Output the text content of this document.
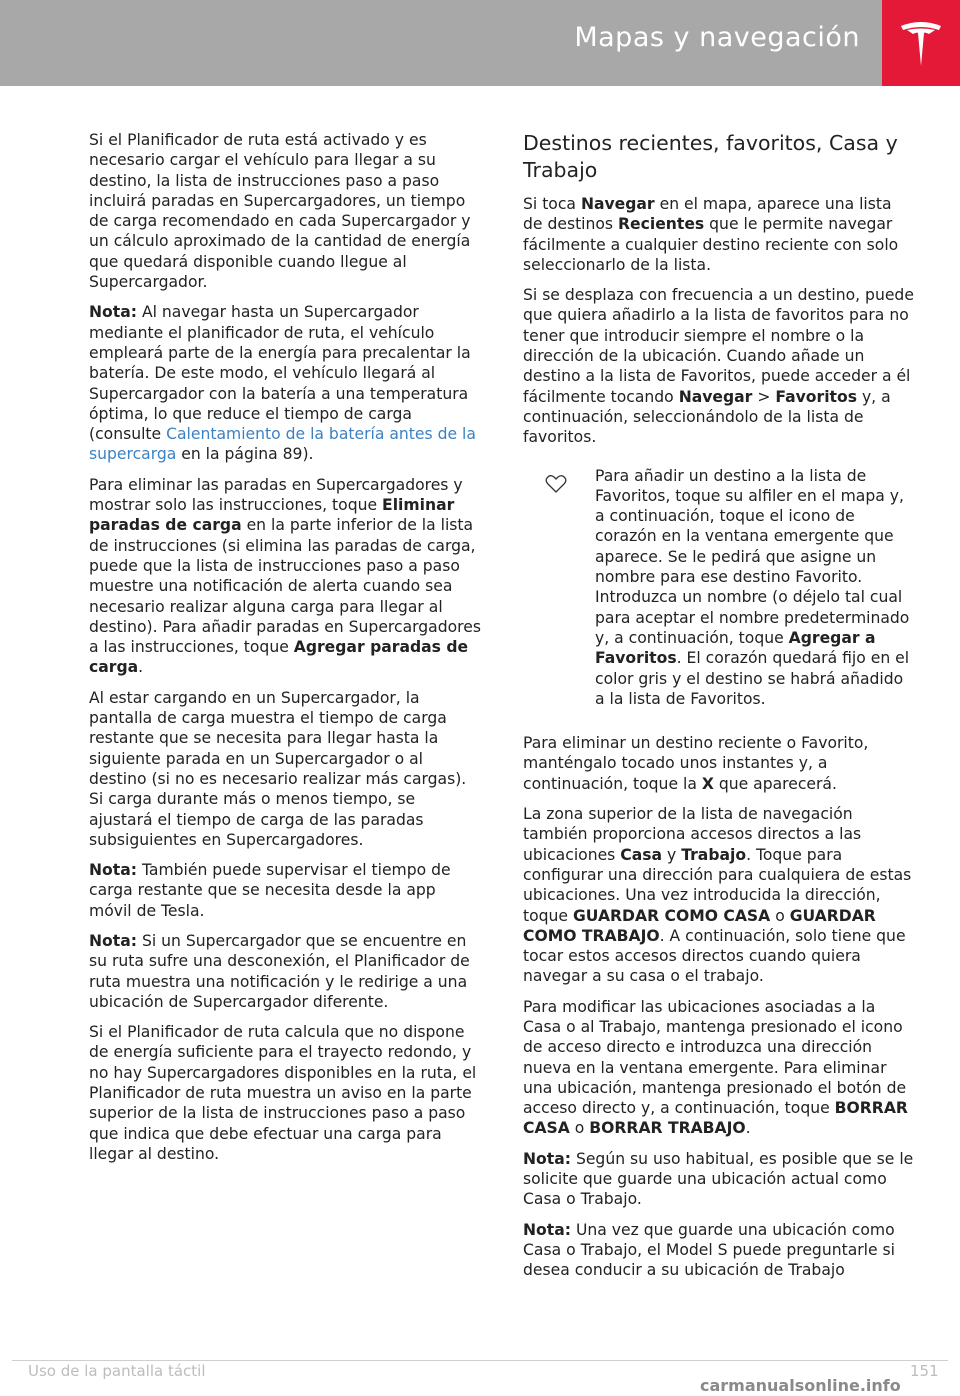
Mapas y navegación

Si el Planificador de ruta está activado y es necesario cargar el vehículo para llegar a su destino, la lista de instrucciones paso a paso incluirá paradas en Supercargadores, un tiempo de carga recomendado en cada Supercargador y un cálculo aproximado de la cantidad de energía que quedará disponible cuando llegue al Supercargador.

Nota: Al navegar hasta un Supercargador mediante el planificador de ruta, el vehículo empleará parte de la energía para precalentar la batería. De este modo, el vehículo llegará al Supercargador con la batería a una temperatura óptima, lo que reduce el tiempo de carga (consulte Calentamiento de la batería antes de la supercarga en la página 89).

Para eliminar las paradas en Supercargadores y mostrar solo las instrucciones, toque Eliminar paradas de carga en la parte inferior de la lista de instrucciones (si elimina las paradas de carga, puede que la lista de instrucciones paso a paso muestre una notificación de alerta cuando sea necesario realizar alguna carga para llegar al destino). Para añadir paradas en Supercargadores a las instrucciones, toque Agregar paradas de carga.

Al estar cargando en un Supercargador, la pantalla de carga muestra el tiempo de carga restante que se necesita para llegar hasta la siguiente parada en un Supercargador o al destino (si no es necesario realizar más cargas). Si carga durante más o menos tiempo, se ajustará el tiempo de carga de las paradas subsiguientes en Supercargadores.

Nota: También puede supervisar el tiempo de carga restante que se necesita desde la app móvil de Tesla.

Nota: Si un Supercargador que se encuentre en su ruta sufre una desconexión, el Planificador de ruta muestra una notificación y le redirige a una ubicación de Supercargador diferente.

Si el Planificador de ruta calcula que no dispone de energía suficiente para el trayecto redondo, y no hay Supercargadores disponibles en la ruta, el Planificador de ruta muestra un aviso en la parte superior de la lista de instrucciones paso a paso que indica que debe efectuar una carga para llegar al destino.

Destinos recientes, favoritos, Casa y Trabajo

Si toca Navegar en el mapa, aparece una lista de destinos Recientes que le permite navegar fácilmente a cualquier destino reciente con solo seleccionarlo de la lista.

Si se desplaza con frecuencia a un destino, puede que quiera añadirlo a la lista de favoritos para no tener que introducir siempre el nombre o la dirección de la ubicación. Cuando añade un destino a la lista de Favoritos, puede acceder a él fácilmente tocando Navegar > Favoritos y, a continuación, seleccionándolo de la lista de favoritos.

Para añadir un destino a la lista de Favoritos, toque su alfiler en el mapa y, a continuación, toque el icono de corazón en la ventana emergente que aparece. Se le pedirá que asigne un nombre para ese destino Favorito. Introduzca un nombre (o déjelo tal cual para aceptar el nombre predeterminado y, a continuación, toque Agregar a Favoritos. El corazón quedará fijo en el color gris y el destino se habrá añadido a la lista de Favoritos.

Para eliminar un destino reciente o Favorito, manténgalo tocado unos instantes y, a continuación, toque la X que aparecerá.

La zona superior de la lista de navegación también proporciona accesos directos a las ubicaciones Casa y Trabajo. Toque para configurar una dirección para cualquiera de estas ubicaciones. Una vez introducida la dirección, toque GUARDAR COMO CASA o GUARDAR COMO TRABAJO. A continuación, solo tiene que tocar estos accesos directos cuando quiera navegar a su casa o el trabajo.

Para modificar las ubicaciones asociadas a la Casa o al Trabajo, mantenga presionado el icono de acceso directo e introduzca una dirección nueva en la ventana emergente. Para eliminar una ubicación, mantenga presionado el botón de acceso directo y, a continuación, toque BORRAR CASA o BORRAR TRABAJO.

Nota: Según su uso habitual, es posible que se le solicite que guarde una ubicación actual como Casa o Trabajo.

Nota: Una vez que guarde una ubicación como Casa o Trabajo, el Model S puede preguntarle si desea conducir a su ubicación de Trabajo

Uso de la pantalla táctil	151
carmanualsonline.info
